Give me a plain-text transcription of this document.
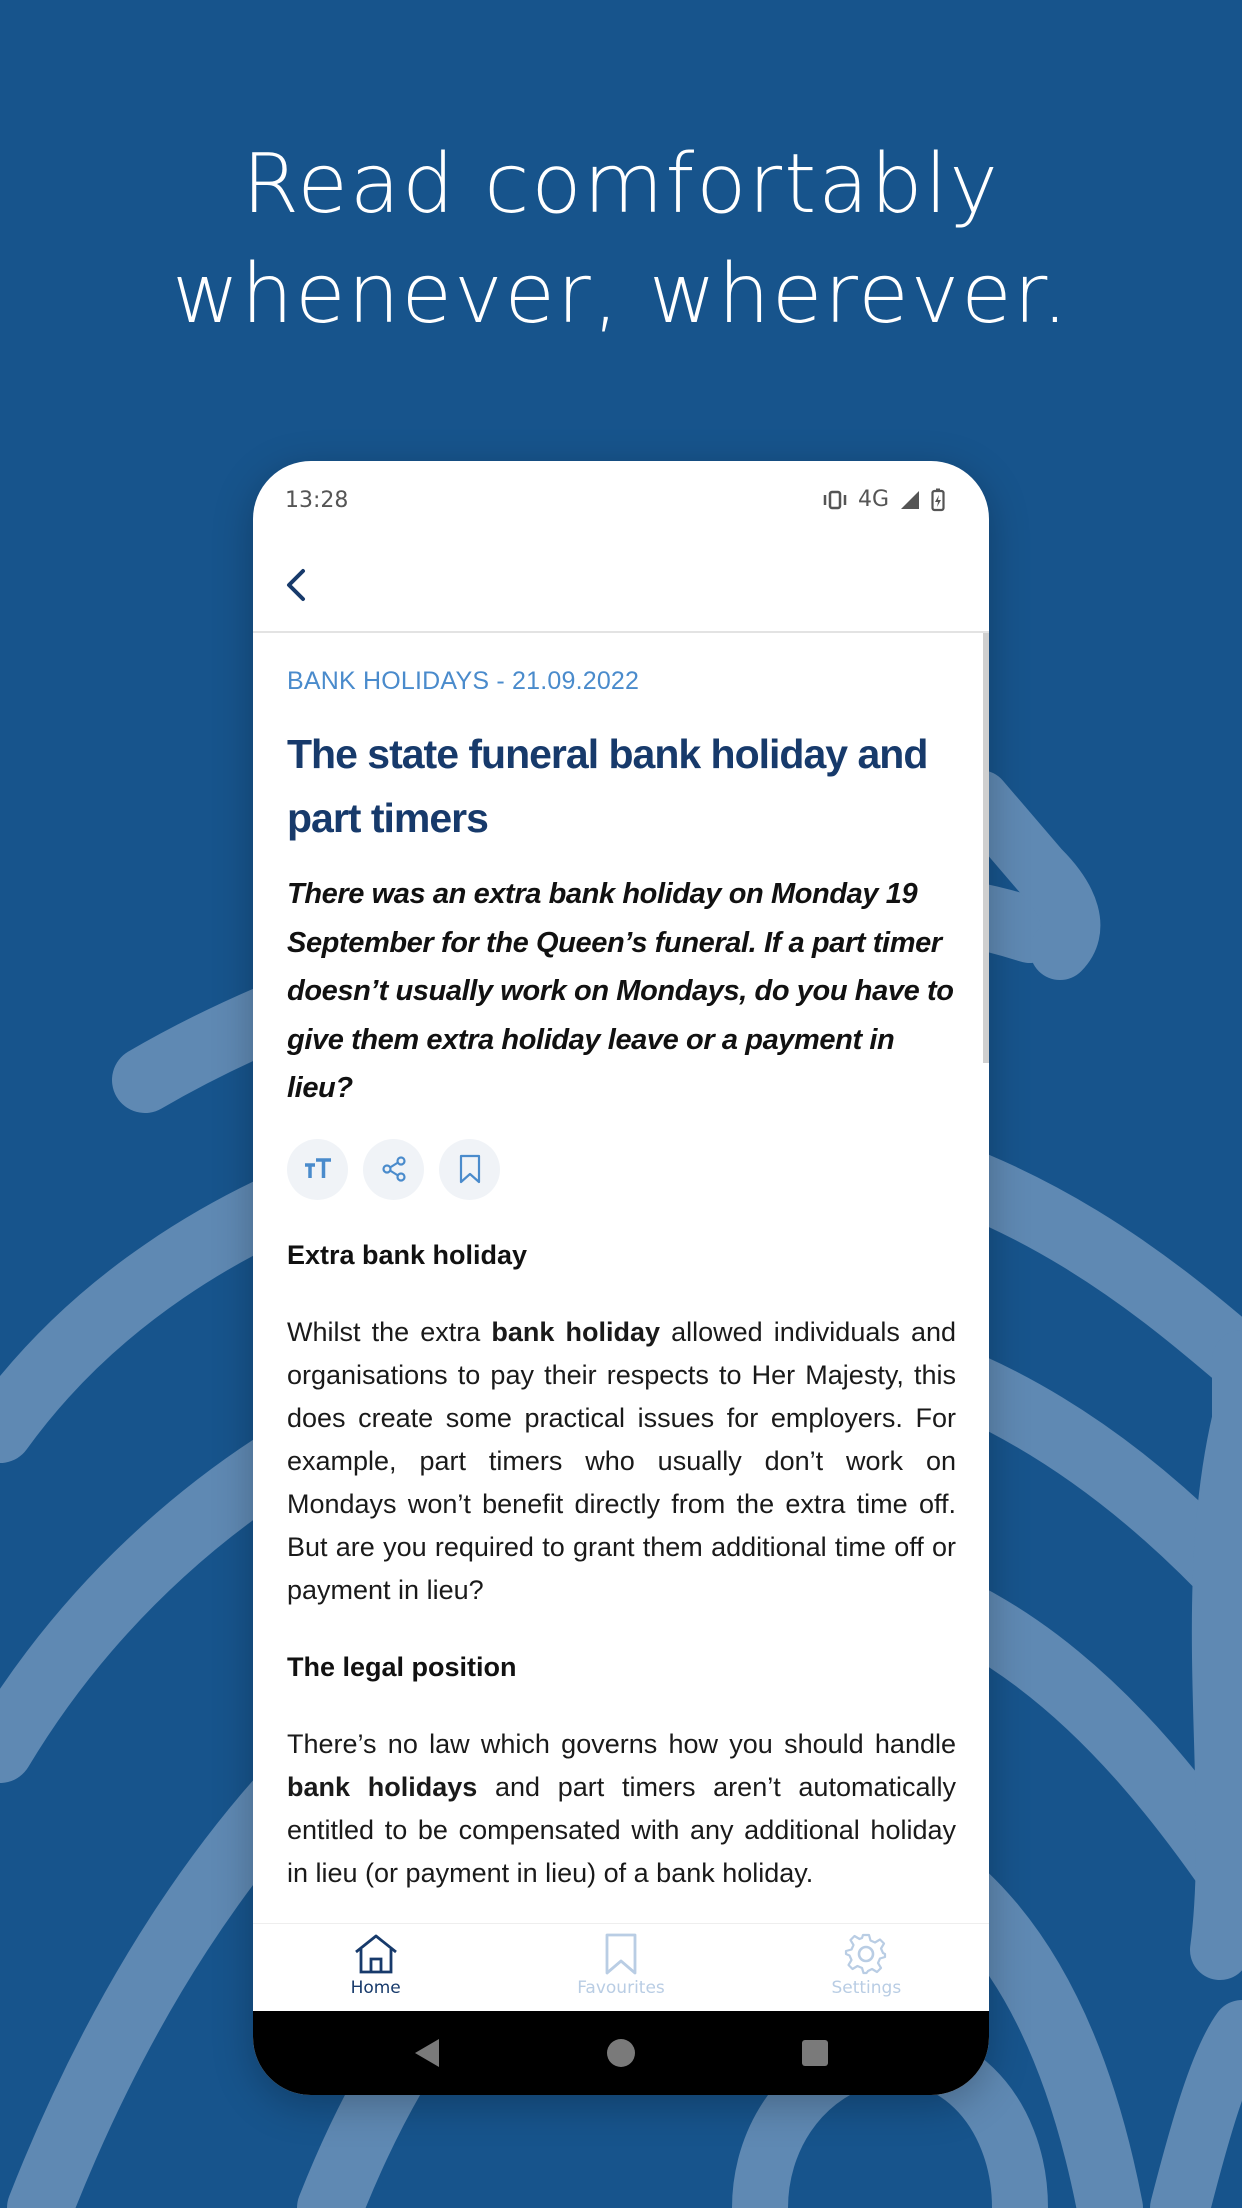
Read comfortably
whenever, wherever.
13:28	4G
BANK HOLIDAYS - 21.09.2022
The state funeral bank holiday and part timers
There was an extra bank holiday on Monday 19 September for the Queen’s funeral. If a part timer doesn’t usually work on Mondays, do you have to give them extra holiday leave or a payment in lieu?
Extra bank holiday
Whilst the extra bank holiday allowed individuals and organisations to pay their respects to Her Majesty, this does create some practical issues for employers. For example, part timers who usually don’t work on Mondays won’t benefit directly from the extra time off. But are you required to grant them additional time off or payment in lieu?
The legal position
There’s no law which governs how you should handle bank holidays and part timers aren’t automatically entitled to be compensated with any additional holiday in lieu (or payment in lieu) of a bank holiday.
Home	Favourites	Settings
